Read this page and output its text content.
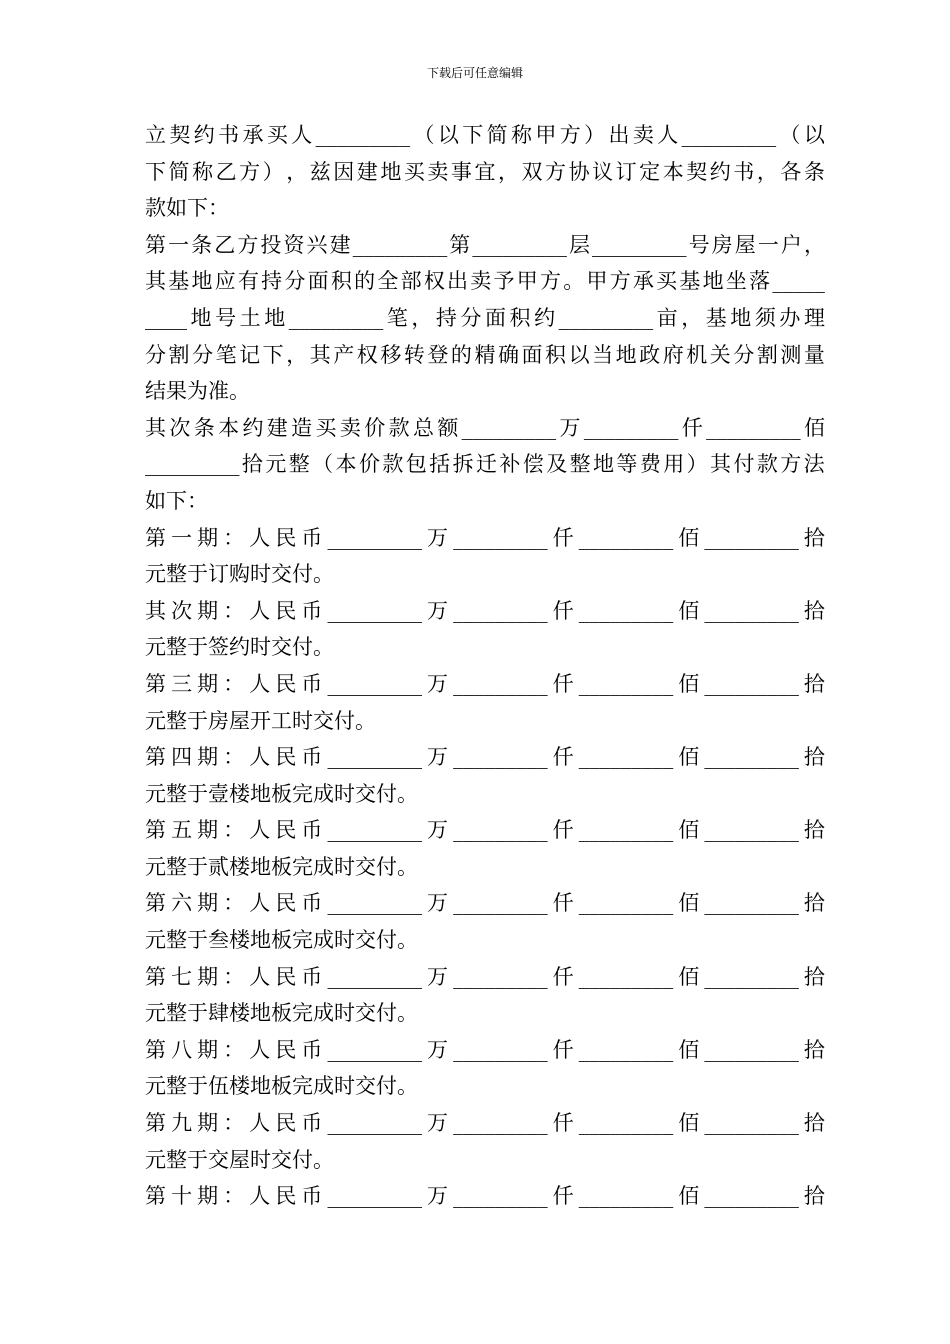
下载后可任意编辑
立 契 约 书 承 买 人 _________ （ 以 下 简 称 甲 方 ） 出 卖 人 _________ （ 以
下 简 称 乙 方 ） ， 兹 因 建 地 买 卖 事 宜 ， 双 方 协 议 订 定 本 契 约 书 ， 各 条
款如下：
第 一 条 乙 方 投 资 兴 建 _________ 第 _________ 层 _________ 号 房 屋 一 户 ，
其 基 地 应 有 持 分 面 积 的 全 部 权 出 卖 予 甲 方 。 甲 方 承 买 基 地 坐 落 _____
____ 地 号 土 地 _________ 笔 ， 持 分 面 积 约 _________ 亩 ， 基 地 须 办 理
分 割 分 笔 记 下 ， 其 产 权 移 转 登 的 精 确 面 积 以 当 地 政 府 机 关 分 割 测 量
结果为准。
其 次 条 本 约 建 造 买 卖 价 款 总 额 _________ 万 _________ 仟 _________ 佰
_________ 拾 元 整 （ 本 价 款 包 括 拆 迁 补 偿 及 整 地 等 费 用 ） 其 付 款 方 法
如下：
第 一 期 ： 人 民 币 _________ 万 _________ 仟 _________ 佰 _________ 拾
元整于订购时交付。
其 次 期 ： 人 民 币 _________ 万 _________ 仟 _________ 佰 _________ 拾
元整于签约时交付。
第 三 期 ： 人 民 币 _________ 万 _________ 仟 _________ 佰 _________ 拾
元整于房屋开工时交付。
第 四 期 ： 人 民 币 _________ 万 _________ 仟 _________ 佰 _________ 拾
元整于壹楼地板完成时交付。
第 五 期 ： 人 民 币 _________ 万 _________ 仟 _________ 佰 _________ 拾
元整于贰楼地板完成时交付。
第 六 期 ： 人 民 币 _________ 万 _________ 仟 _________ 佰 _________ 拾
元整于叁楼地板完成时交付。
第 七 期 ： 人 民 币 _________ 万 _________ 仟 _________ 佰 _________ 拾
元整于肆楼地板完成时交付。
第 八 期 ： 人 民 币 _________ 万 _________ 仟 _________ 佰 _________ 拾
元整于伍楼地板完成时交付。
第 九 期 ： 人 民 币 _________ 万 _________ 仟 _________ 佰 _________ 拾
元整于交屋时交付。
第 十 期 ： 人 民 币 _________ 万 _________ 仟 _________ 佰 _________ 拾
